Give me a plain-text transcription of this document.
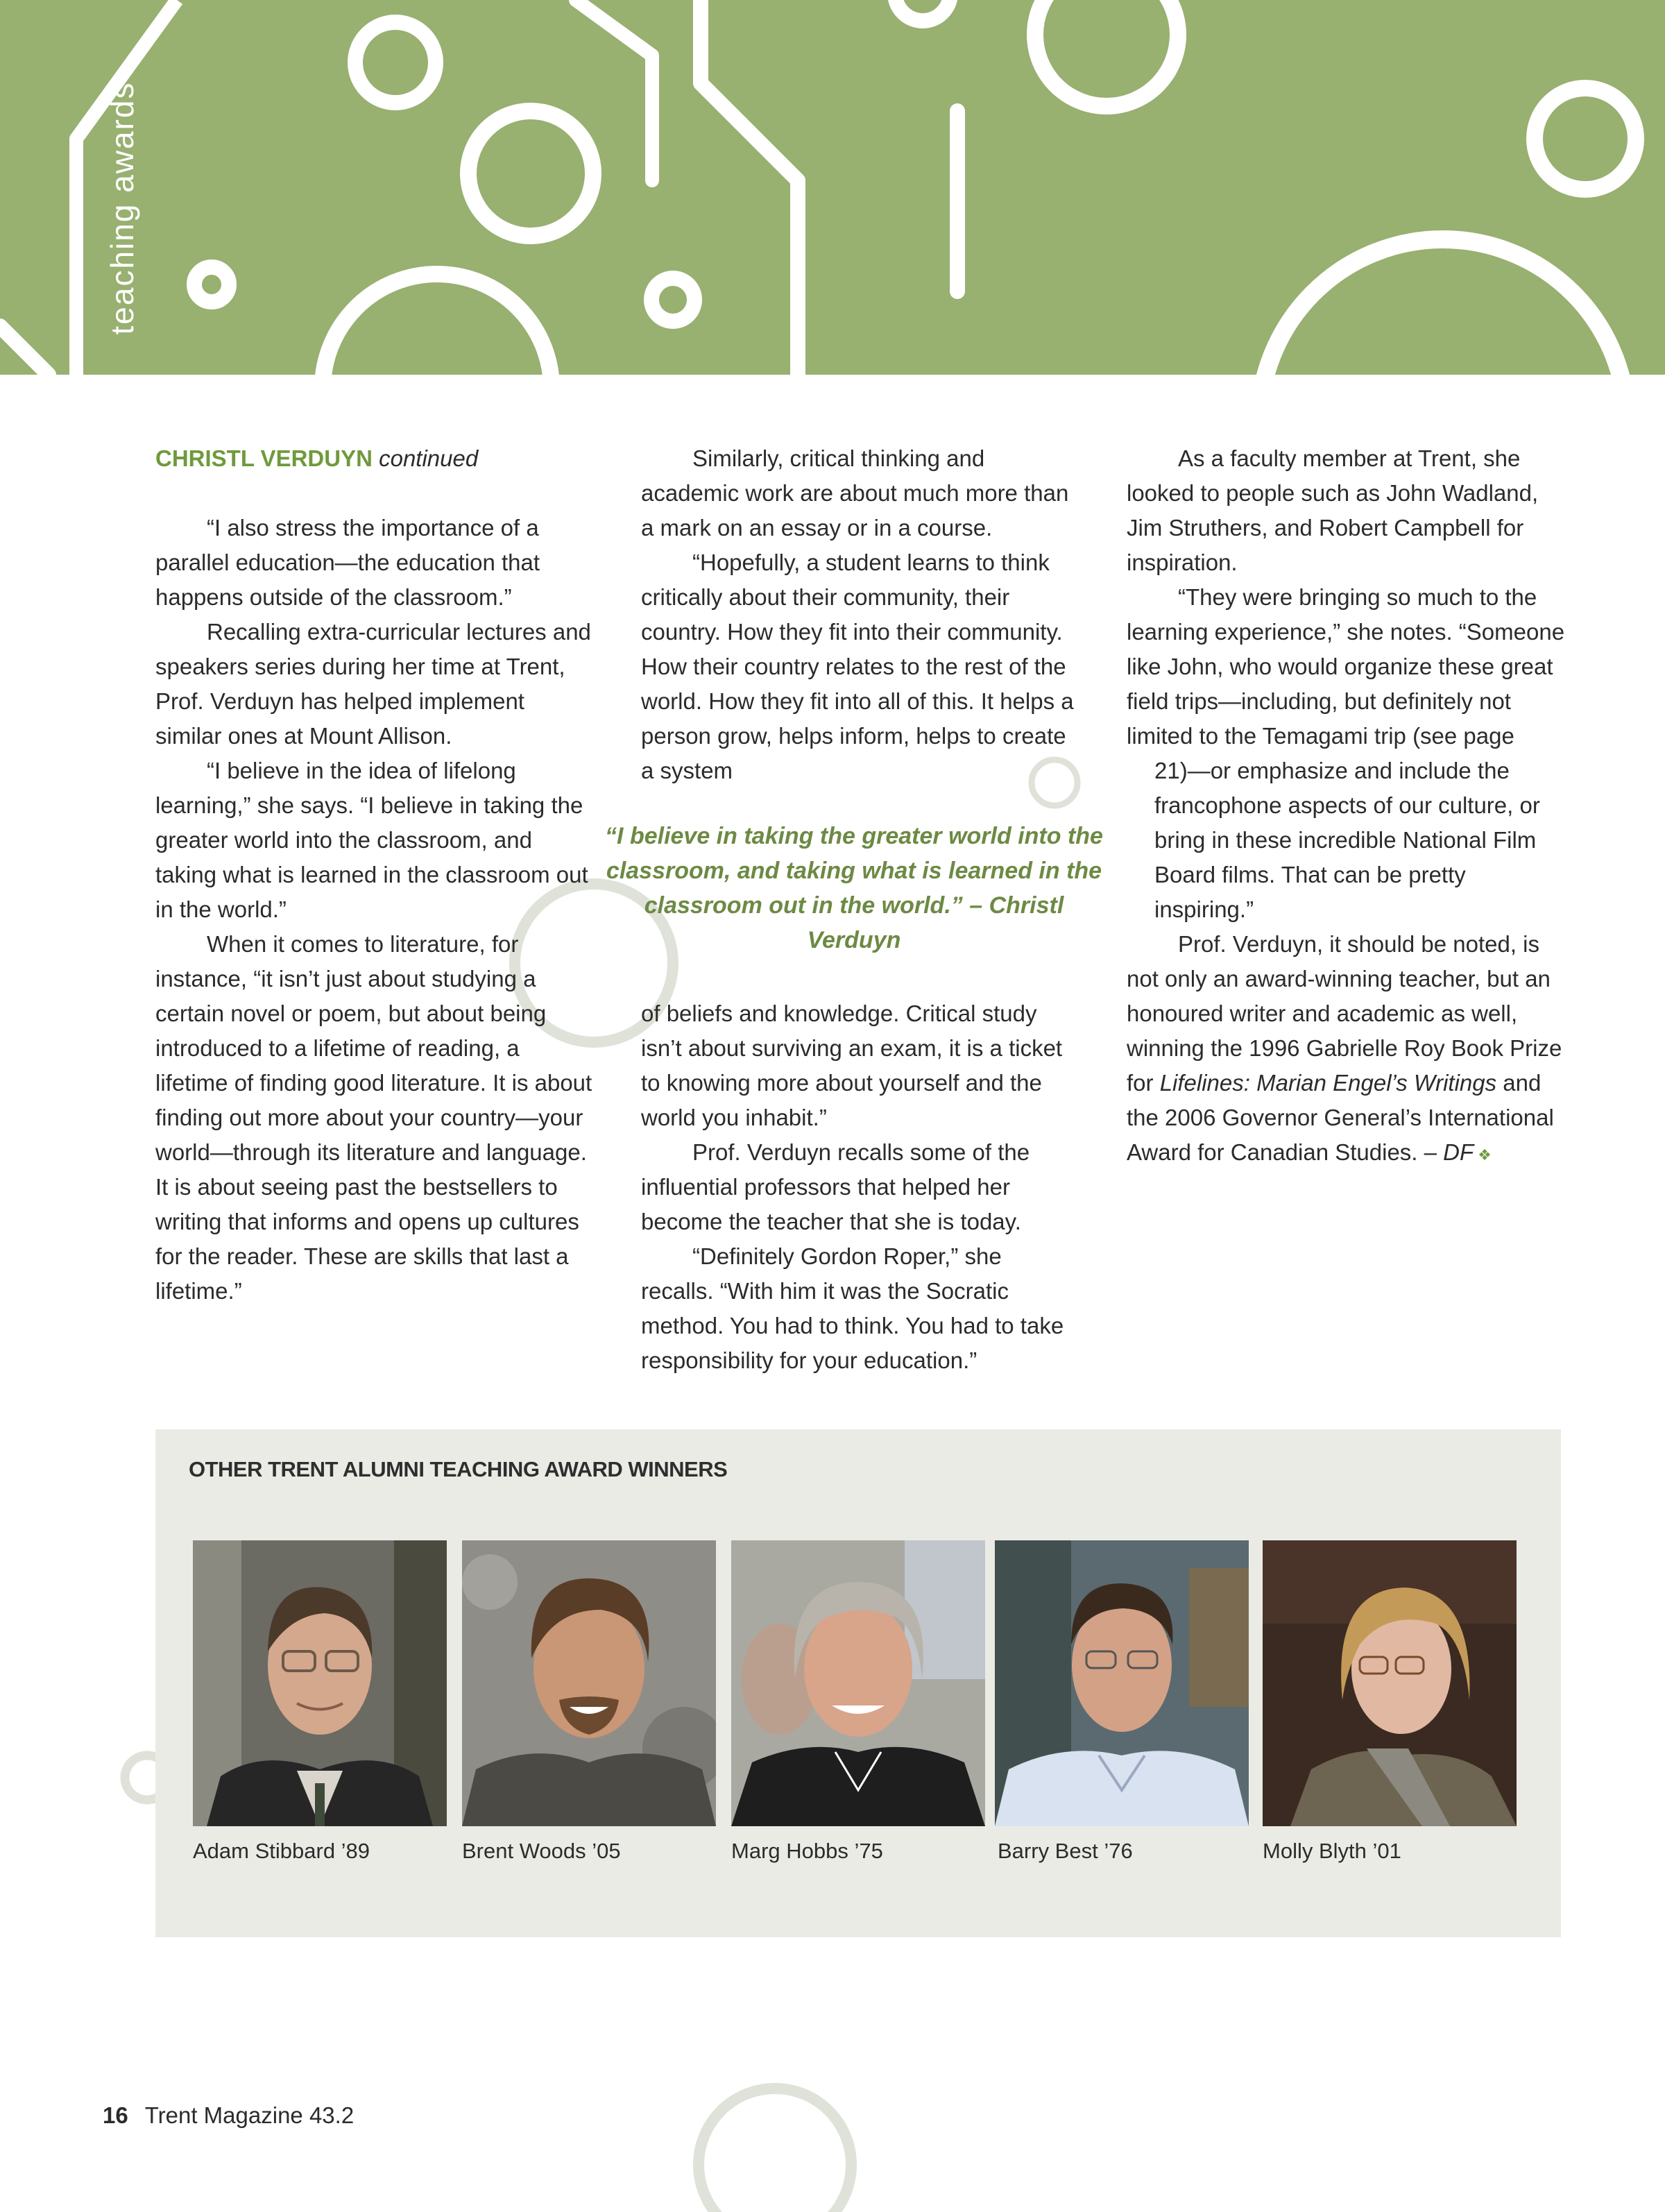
teaching awards

CHRISTL VERDUYN continued

“I also stress the importance of a parallel education—the education that happens outside of the classroom.”

Recalling extra-curricular lectures and speakers series during her time at Trent, Prof. Verduyn has helped implement similar ones at Mount Allison.

“I believe in the idea of lifelong learning,” she says. “I believe in taking the greater world into the classroom, and taking what is learned in the classroom out in the world.”

When it comes to literature, for instance, “it isn’t just about studying a certain novel or poem, but about being introduced to a lifetime of reading, a lifetime of finding good literature. It is about finding out more about your country—your world—through its literature and language. It is about seeing past the bestsellers to writing that informs and opens up cultures for the reader. These are skills that last a lifetime.”

Similarly, critical thinking and academic work are about much more than a mark on an essay or in a course.

“Hopefully, a student learns to think critically about their community, their country. How they fit into their community. How their country relates to the rest of the world. How they fit into all of this. It helps a person grow, helps inform, helps to create a system

“I believe in taking the greater world into the classroom, and taking what is learned in the classroom out in the world.” – Christl Verduyn

of beliefs and knowledge. Critical study isn’t about surviving an exam, it is a ticket to knowing more about yourself and the world you inhabit.”

Prof. Verduyn recalls some of the influential professors that helped her become the teacher that she is today.

“Definitely Gordon Roper,” she recalls. “With him it was the Socratic method. You had to think. You had to take responsibility for your education.”

As a faculty member at Trent, she looked to people such as John Wadland, Jim Struthers, and Robert Campbell for inspiration.

“They were bringing so much to the learning experience,” she notes. “Someone like John, who would organize these great field trips—including, but definitely not limited to the Temagami trip (see page

21)—or emphasize and include the francophone aspects of our culture, or bring in these incredible National Film Board films. That can be pretty inspiring.”

Prof. Verduyn, it should be noted, is not only an award-winning teacher, but an honoured writer and academic as well, winning the 1996 Gabrielle Roy Book Prize for Lifelines: Marian Engel’s Writings and the 2006 Governor General’s International Award for Canadian Studies. – DF ❖

OTHER TRENT ALUMNI TEACHING AWARD WINNERS
Adam Stibbard ’89	Brent Woods ’05	Marg Hobbs ’75	Barry Best ’76	Molly Blyth ’01
16 Trent Magazine 43.2
